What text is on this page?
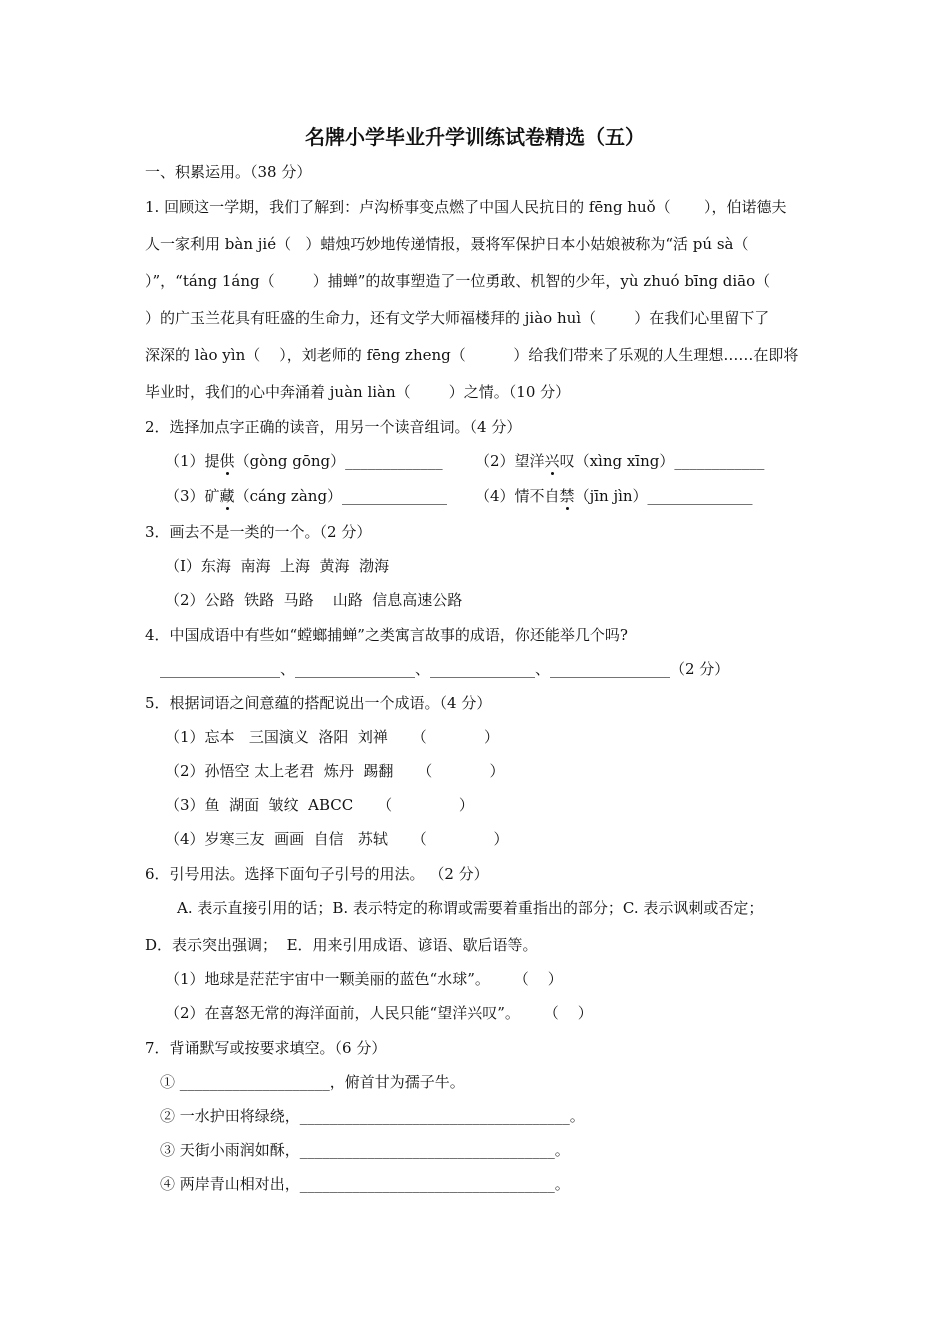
名牌小学毕业升学训练试卷精选（五）
一、积累运用。（38 分）
1. 回顾这一学期，我们了解到：卢沟桥事变点燃了中国人民抗日的 fēng huǒ（       ），伯诺德夫
人一家利用 bàn jié（   ）蜡烛巧妙地传递情报，聂将军保护日本小姑娘被称为“活 pú sà（
）”，“táng 1áng（        ）捕蝉”的故事塑造了一位勇敢、机智的少年，yù zhuó bīng diāo（
）的广玉兰花具有旺盛的生命力，还有文学大师福楼拜的 jiào huì（        ）在我们心里留下了
深深的 lào yìn（    ），刘老师的 fēng zheng（          ）给我们带来了乐观的人生理想……在即将
毕业时，我们的心中奔涌着 juàn liàn（        ）之情。（10 分）
2．选择加点字正确的读音，用另一个读音组词。（4 分）
（1）提供（gòng gōng）_____________ （2）望洋兴叹（xìng xīng）____________
（3）矿藏（cáng zàng）______________ （4）情不自禁（jīn jìn）______________
3．画去不是一类的一个。（2 分）
（I）东海  南海  上海  黄海  渤海
（2）公路  铁路  马路    山路  信息高速公路
4．中国成语中有些如“螳螂捕蝉”之类寓言故事的成语，你还能举几个吗?
________________、________________、______________、________________（2 分）
5．根据词语之间意蕴的搭配说出一个成语。（4 分）
（1）忘本   三国演义  洛阳  刘禅     （            ）
（2）孙悟空 太上老君  炼丹  踢翻     （            ）
（3）鱼  湖面  皱纹  ABCC     （              ）
（4）岁寒三友  画画  自信   苏轼     （              ）
6．引号用法。选择下面句子引号的用法。 （2 分）
A. 表示直接引用的话；B. 表示特定的称谓或需要着重指出的部分；C. 表示讽刺或否定；
D．表示突出强调；  E．用来引用成语、谚语、歇后语等。
（1）地球是茫茫宇宙中一颗美丽的蓝色“水球”。     （    ）
（2）在喜怒无常的海洋面前，人民只能“望洋兴叹”。     （    ）
7．背诵默写或按要求填空。（6 分）
① ____________________，俯首甘为孺子牛。
② 一水护田将绿绕，____________________________________。
③ 天街小雨润如酥，__________________________________。
④ 两岸青山相对出，__________________________________。
